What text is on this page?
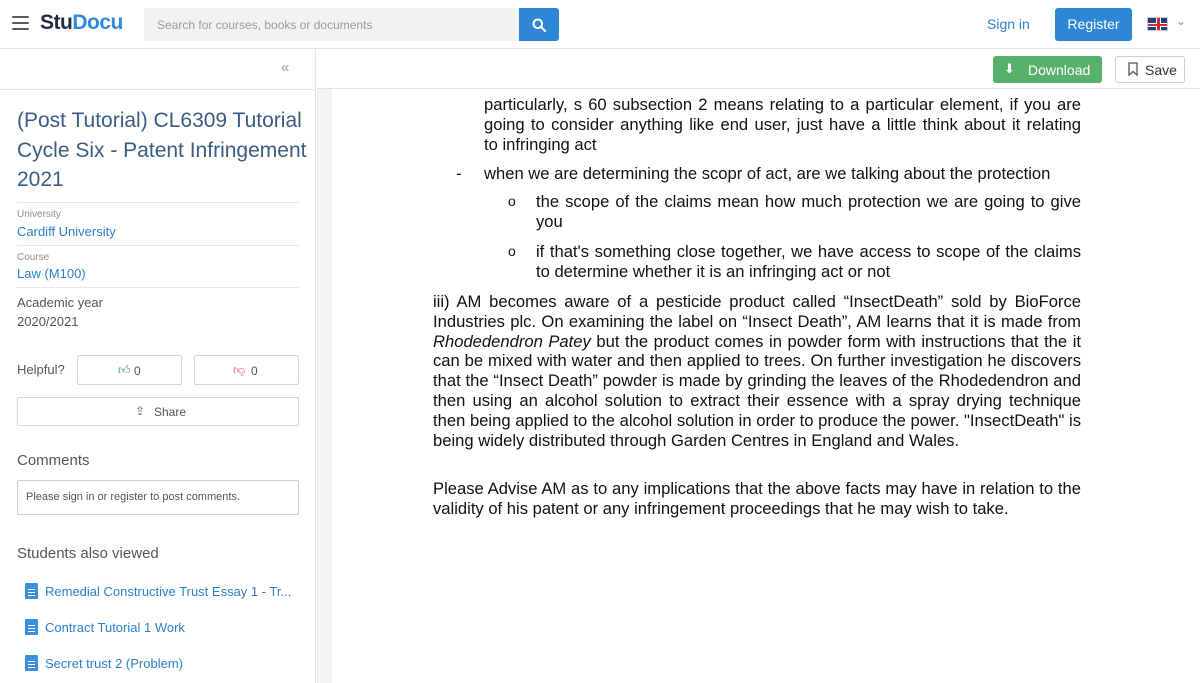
StuDocu	Search for courses, books or documents	Sign in	Register	⌄
«
(Post Tutorial) CL6309 Tutorial Cycle Six - Patent Infringement 2021
University
Cardiff University
Course
Law (M100)
Academic year
2020/2021
Helpful?	👍︎ 0	👎︎ 0
⇪ Share
Comments
Please sign in or register to post comments.
Students also viewed
Remedial Constructive Trust Essay 1 - Tr...
Contract Tutorial 1 Work
Secret trust 2 (Problem)
⬇ Download	Save
particularly, s 60 subsection 2 means relating to a particular element, if you are
going to consider anything like end user, just have a little think about it relating
to infringing act
- when we are determining the scopr of act, are we talking about the protection
o the scope of the claims mean how much protection we are going to give you
o if that's something close together, we have access to scope of the claims to determine whether it is an infringing act or not
iii) AM becomes aware of a pesticide product called “InsectDeath” sold by BioForce Industries plc. On examining the label on “Insect Death”, AM learns that it is made from Rhodedendron Patey but the product comes in powder form with instructions that the it can be mixed with water and then applied to trees. On further investigation he discovers that the “Insect Death” powder is made by grinding the leaves of the Rhodedendron and then using an alcohol solution to extract their essence with a spray drying technique then being applied to the alcohol solution in order to produce the power. "InsectDeath" is being widely distributed through Garden Centres in England and Wales.
Please Advise AM as to any implications that the above facts may have in relation to the validity of his patent or any infringement proceedings that he may wish to take.
